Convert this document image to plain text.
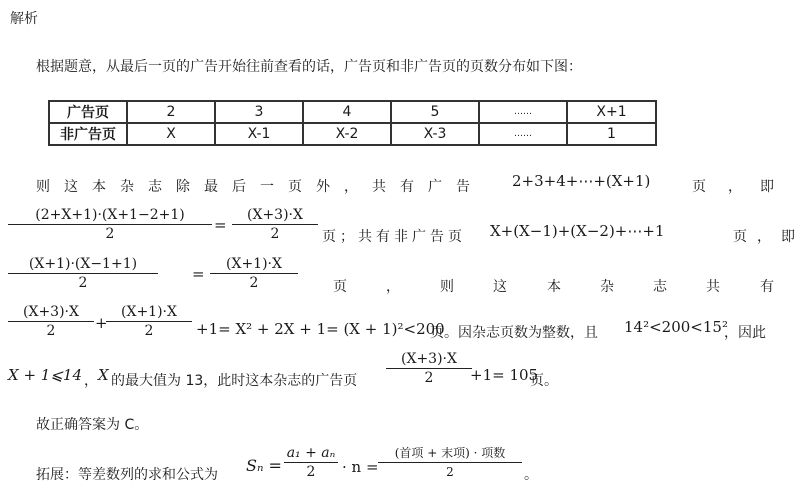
解析
根据题意，从最后一页的广告开始往前查看的话，广告页和非广告页的页数分布如下图：
广告页	2	3	4	5	……	X+1
非广告页	X	X-1	X-2	X-3	……	1
则这本杂志除最后一页外，共有广告 2+3+4+⋯+(X+1)	页 ， 即
$\frac{(2+X+1)\cdot(X+1-2+1)}{2} = \frac{(X+3)\cdot X}{2}$ 页；共有非广告页 X+(X−1)+(X−2)+⋯+1	页，即
$\frac{(X+1)\cdot(X-1+1)}{2} = \frac{(X+1)\cdot X}{2}$	页	，	则	这	本	杂	志	共	有
$\frac{(X+3)\cdot X}{2}$ +
$\frac{(X+1)\cdot X}{2} +1= X^2 + 2X + 1= (X + 1)^2<200$
页。因杂志页数为整数，且 14²<200<15²
，因此
X + 1⩽14 ， X 的最大值为 13，此时这本杂志的广告页 $\frac{(X+3)\cdot X}{2}$
+1= 105
页。
故正确答案为 C。
拓展：等差数列的求和公式为 $S_n = \frac{\text{a₁ + aₙ}}{2} \cdot n$ =
(首项 + 末项) · 项数
2	。
